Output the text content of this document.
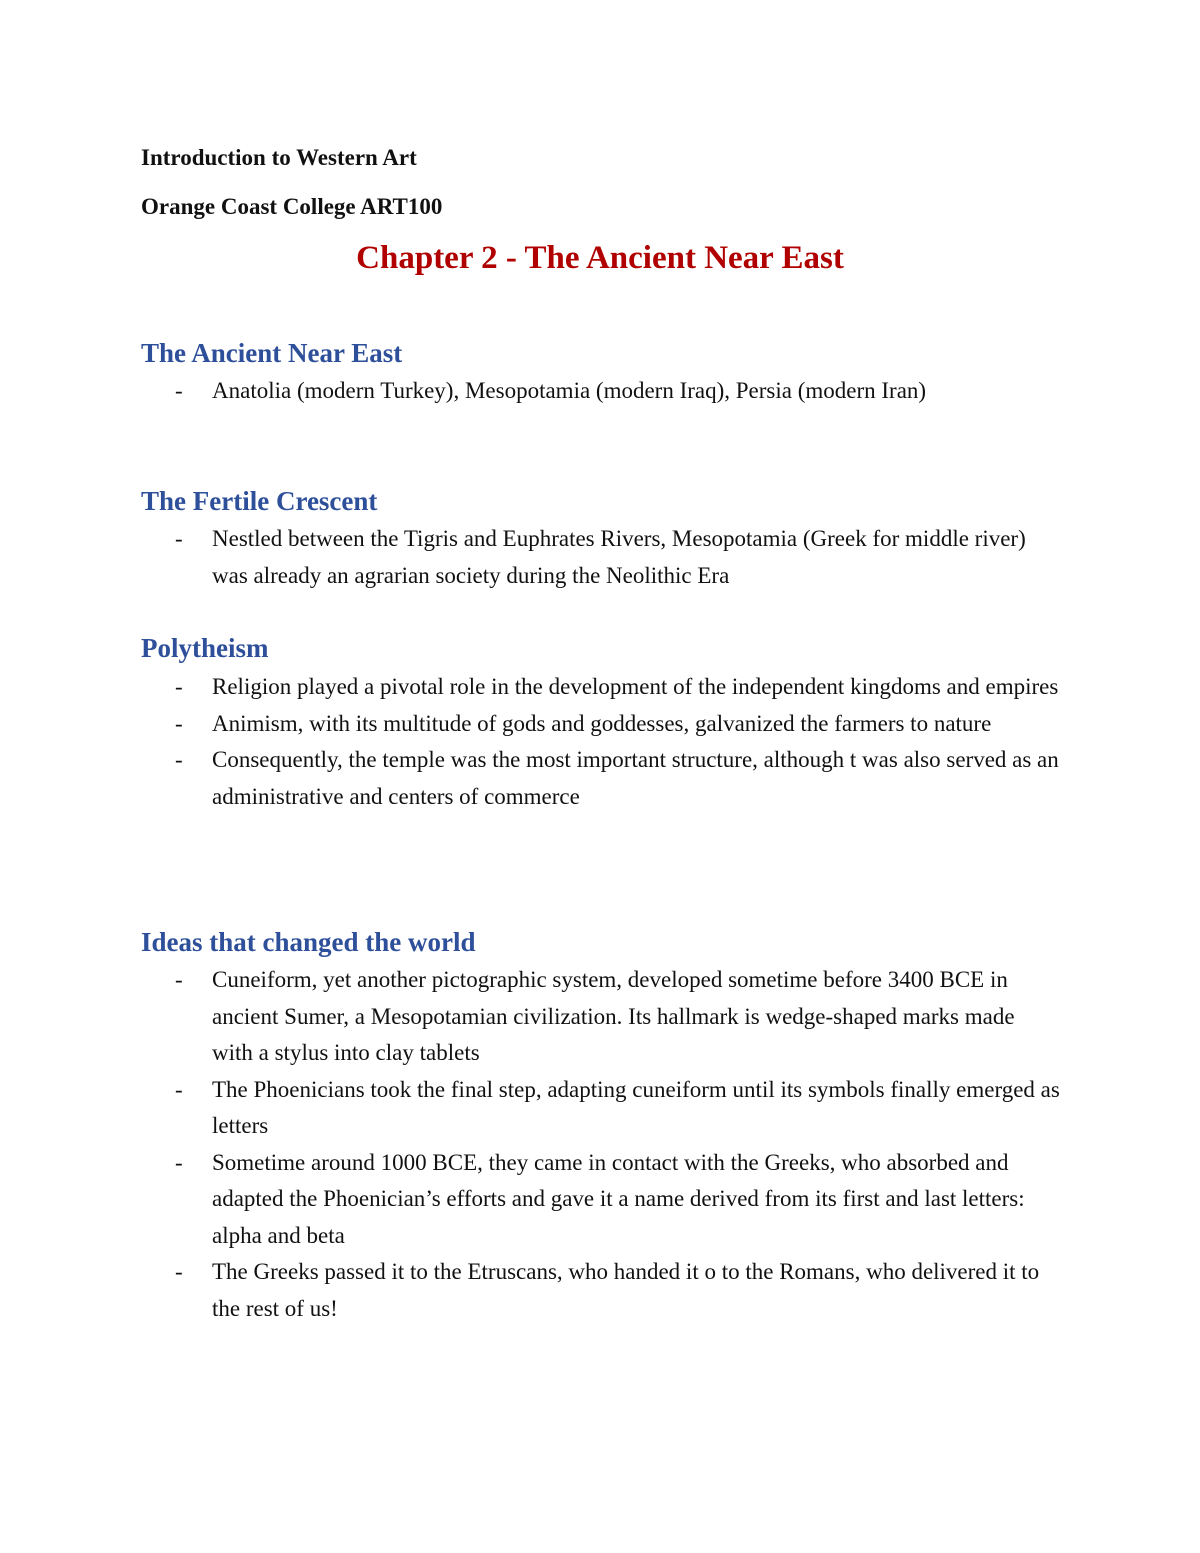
Introduction to Western Art
Orange Coast College ART100
Chapter 2 - The Ancient Near East
The Ancient Near East
- Anatolia (modern Turkey), Mesopotamia (modern Iraq), Persia (modern Iran)
The Fertile Crescent
- Nestled between the Tigris and Euphrates Rivers, Mesopotamia (Greek for middle river) was already an agrarian society during the Neolithic Era
Polytheism
- Religion played a pivotal role in the development of the independent kingdoms and empires
- Animism, with its multitude of gods and goddesses, galvanized the farmers to nature
- Consequently, the temple was the most important structure, although t was also served as an administrative and centers of commerce
Ideas that changed the world
- Cuneiform, yet another pictographic system, developed sometime before 3400 BCE in ancient Sumer, a Mesopotamian civilization. Its hallmark is wedge-shaped marks made with a stylus into clay tablets
- The Phoenicians took the final step, adapting cuneiform until its symbols finally emerged as letters
- Sometime around 1000 BCE, they came in contact with the Greeks, who absorbed and adapted the Phoenician’s efforts and gave it a name derived from its first and last letters: alpha and beta
- The Greeks passed it to the Etruscans, who handed it o to the Romans, who delivered it to the rest of us!
